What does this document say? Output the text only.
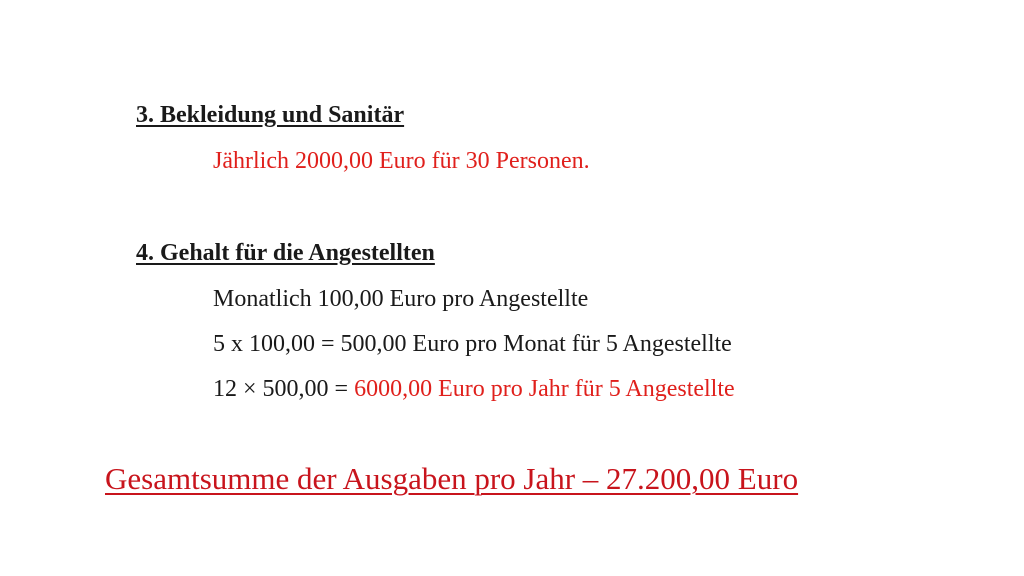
3. Bekleidung und Sanitär
Jährlich 2000,00 Euro für 30 Personen.
4. Gehalt für die Angestellten
Monatlich 100,00 Euro pro Angestellte
5 x 100,00 = 500,00 Euro pro Monat für 5 Angestellte
12 × 500,00 = 6000,00 Euro pro Jahr für 5 Angestellte
Gesamtsumme der Ausgaben pro Jahr – 27.200,00 Euro
